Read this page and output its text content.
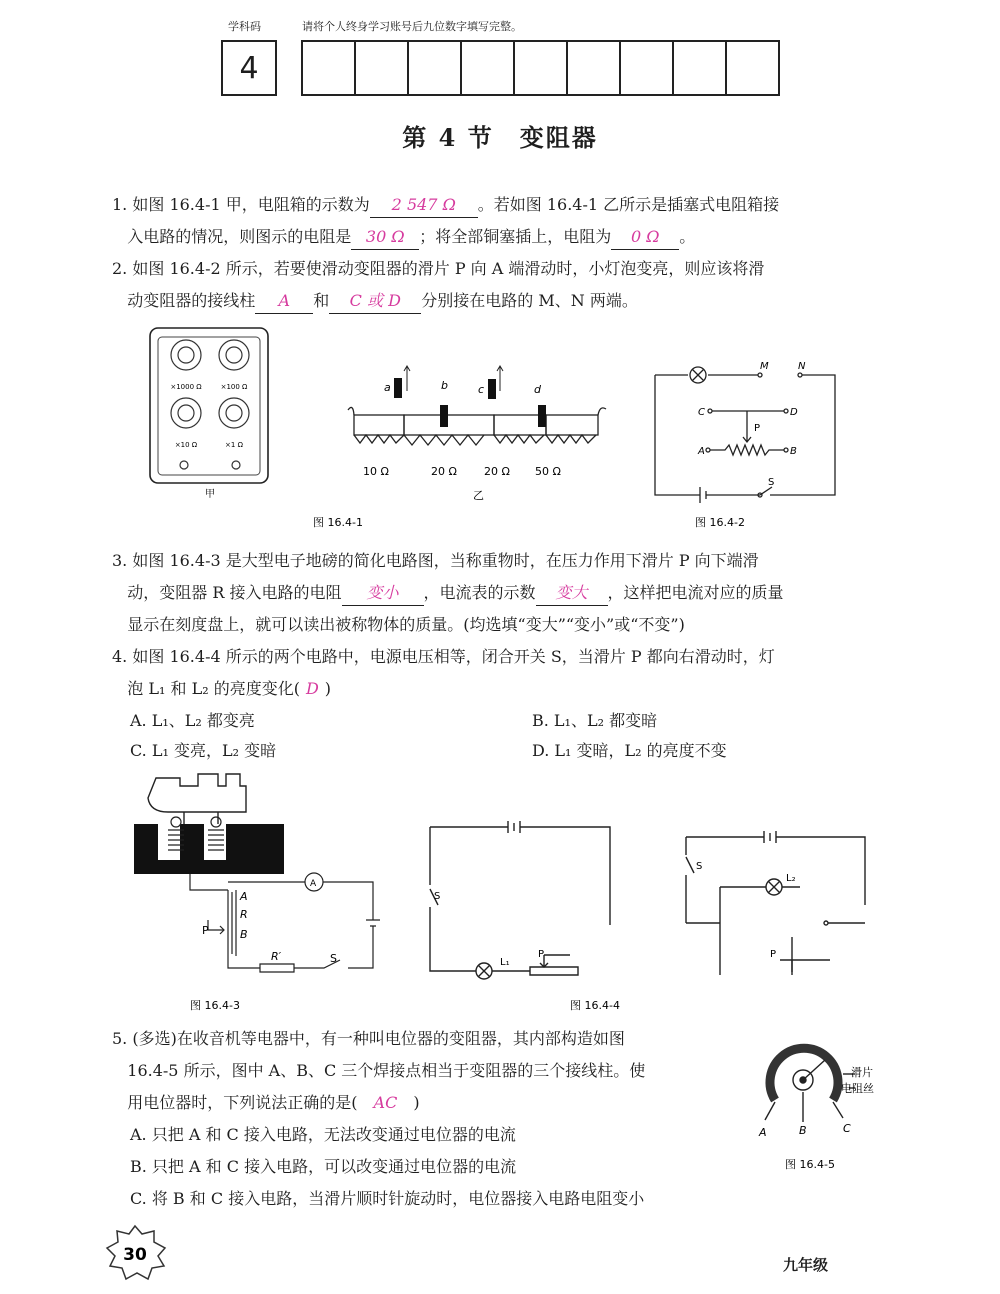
学科码	请将个人终身学习账号后九位数字填写完整。
4
第 4 节　变阻器
1. 如图 16.4-1 甲，电阻箱的示数为 2 547 Ω 。若如图 16.4-1 乙所示是插塞式电阻箱接
入电路的情况，则图示的电阻是 30 Ω ；将全部铜塞插上，电阻为 0 Ω 。
2. 如图 16.4-2 所示，若要使滑动变阻器的滑片 P 向 A 端滑动时，小灯泡变亮，则应该将滑
动变阻器的接线柱 A 和 C 或 D 分别接在电路的 M、N 两端。
×1000 Ω	×100 Ω
×10 Ω	×1 Ω
甲
a	b	c	d
10 Ω	20 Ω 20 Ω 50 Ω
乙
图 16.4-1
M	N
C	D
P
A	B
S
图 16.4-2
3. 如图 16.4-3 是大型电子地磅的简化电路图，当称重物时，在压力作用下滑片 P 向下端滑
动，变阻器 R 接入电路的电阻 变小 ，电流表的示数 变大 ，这样把电流对应的质量
显示在刻度盘上，就可以读出被称物体的质量。(均选填“变大”“变小”或“不变”)
4. 如图 16.4-4 所示的两个电路中，电源电压相等，闭合开关 S，当滑片 P 都向右滑动时，灯
泡 L₁ 和 L₂ 的亮度变化( D )
A. L₁、L₂ 都变亮	B. L₁、L₂ 都变暗
C. L₁ 变亮，L₂ 变暗	D. L₁ 变暗，L₂ 的亮度不变
A
A
R
B
P
R′	S
图 16.4-3
S
L₁
P
S
L₂
P
图 16.4-4
5. (多选)在收音机等电器中，有一种叫电位器的变阻器，其内部构造如图
16.4-5 所示，图中 A、B、C 三个焊接点相当于变阻器的三个接线柱。使
用电位器时，下列说法正确的是( AC )
A. 只把 A 和 C 接入电路，无法改变通过电位器的电流
B. 只把 A 和 C 接入电路，可以改变通过电位器的电流
C. 将 B 和 C 接入电路，当滑片顺时针旋动时，电位器接入电路电阻变小
滑片
电阻丝
A	B	C
图 16.4-5
30	九年级
